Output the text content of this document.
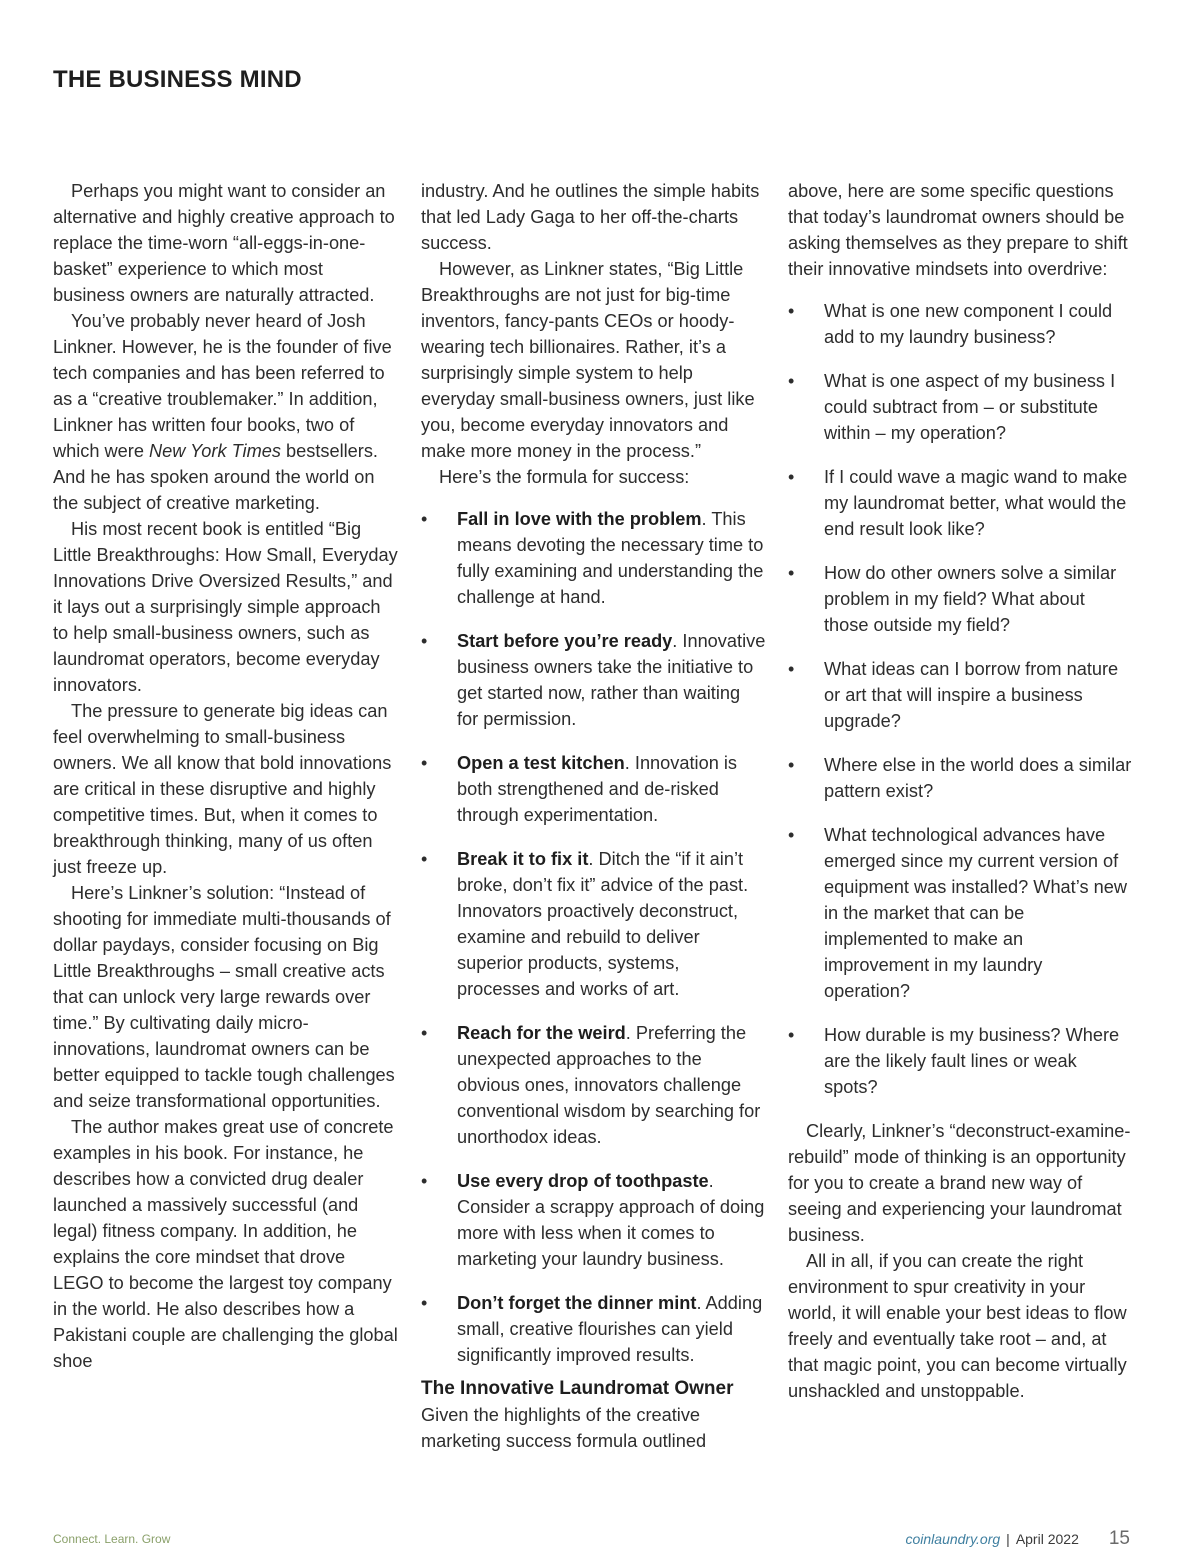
THE BUSINESS MIND

Perhaps you might want to consider an alternative and highly creative approach to replace the time-worn “all-eggs-in-one-basket” experience to which most business owners are naturally attracted.

You’ve probably never heard of Josh Linkner. However, he is the founder of five tech companies and has been referred to as a “creative troublemaker.” In addition, Linkner has written four books, two of which were New York Times bestsellers. And he has spoken around the world on the subject of creative marketing.

His most recent book is entitled “Big Little Breakthroughs: How Small, Everyday Innovations Drive Oversized Results,” and it lays out a surprisingly simple approach to help small-business owners, such as laundromat operators, become everyday innovators.

The pressure to generate big ideas can feel overwhelming to small-business owners. We all know that bold innovations are critical in these disruptive and highly competitive times. But, when it comes to breakthrough thinking, many of us often just freeze up.

Here’s Linkner’s solution: “Instead of shooting for immediate multi-thousands of dollar paydays, consider focusing on Big Little Breakthroughs – small creative acts that can unlock very large rewards over time.” By cultivating daily micro-innovations, laundromat owners can be better equipped to tackle tough challenges and seize transformational opportunities.

The author makes great use of concrete examples in his book. For instance, he describes how a convicted drug dealer launched a massively successful (and legal) fitness company. In addition, he explains the core mindset that drove LEGO to become the largest toy company in the world. He also describes how a Pakistani couple are challenging the global shoe

industry. And he outlines the simple habits that led Lady Gaga to her off-the-charts success.

However, as Linkner states, “Big Little Breakthroughs are not just for big-time inventors, fancy-pants CEOs or hoody-wearing tech billionaires. Rather, it’s a surprisingly simple system to help everyday small-business owners, just like you, become everyday innovators and make more money in the process.”

Here’s the formula for success:

• Fall in love with the problem. This means devoting the necessary time to fully examining and understanding the challenge at hand.
• Start before you’re ready. Innovative business owners take the initiative to get started now, rather than waiting for permission.
• Open a test kitchen. Innovation is both strengthened and de-risked through experimentation.
• Break it to fix it. Ditch the “if it ain’t broke, don’t fix it” advice of the past. Innovators proactively deconstruct, examine and rebuild to deliver superior products, systems, processes and works of art.
• Reach for the weird. Preferring the unexpected approaches to the obvious ones, innovators challenge conventional wisdom by searching for unorthodox ideas.
• Use every drop of toothpaste. Consider a scrappy approach of doing more with less when it comes to marketing your laundry business.
• Don’t forget the dinner mint. Adding small, creative flourishes can yield significantly improved results.
The Innovative Laundromat Owner

Given the highlights of the creative marketing success formula outlined

above, here are some specific questions that today’s laundromat owners should be asking themselves as they prepare to shift their innovative mindsets into overdrive:

• What is one new component I could add to my laundry business?
• What is one aspect of my business I could subtract from – or substitute within – my operation?
• If I could wave a magic wand to make my laundromat better, what would the end result look like?
• How do other owners solve a similar problem in my field? What about those outside my field?
• What ideas can I borrow from nature or art that will inspire a business upgrade?
• Where else in the world does a similar pattern exist?
• What technological advances have emerged since my current version of equipment was installed? What’s new in the market that can be implemented to make an improvement in my laundry operation?
• How durable is my business? Where are the likely fault lines or weak spots?

Clearly, Linkner’s “deconstruct-examine-rebuild” mode of thinking is an opportunity for you to create a brand new way of seeing and experiencing your laundromat business.

All in all, if you can create the right environment to spur creativity in your world, it will enable your best ideas to flow freely and eventually take root – and, at that magic point, you can become virtually unshackled and unstoppable.

Connect. Learn. Grow	coinlaundry.org | April 2022 15
